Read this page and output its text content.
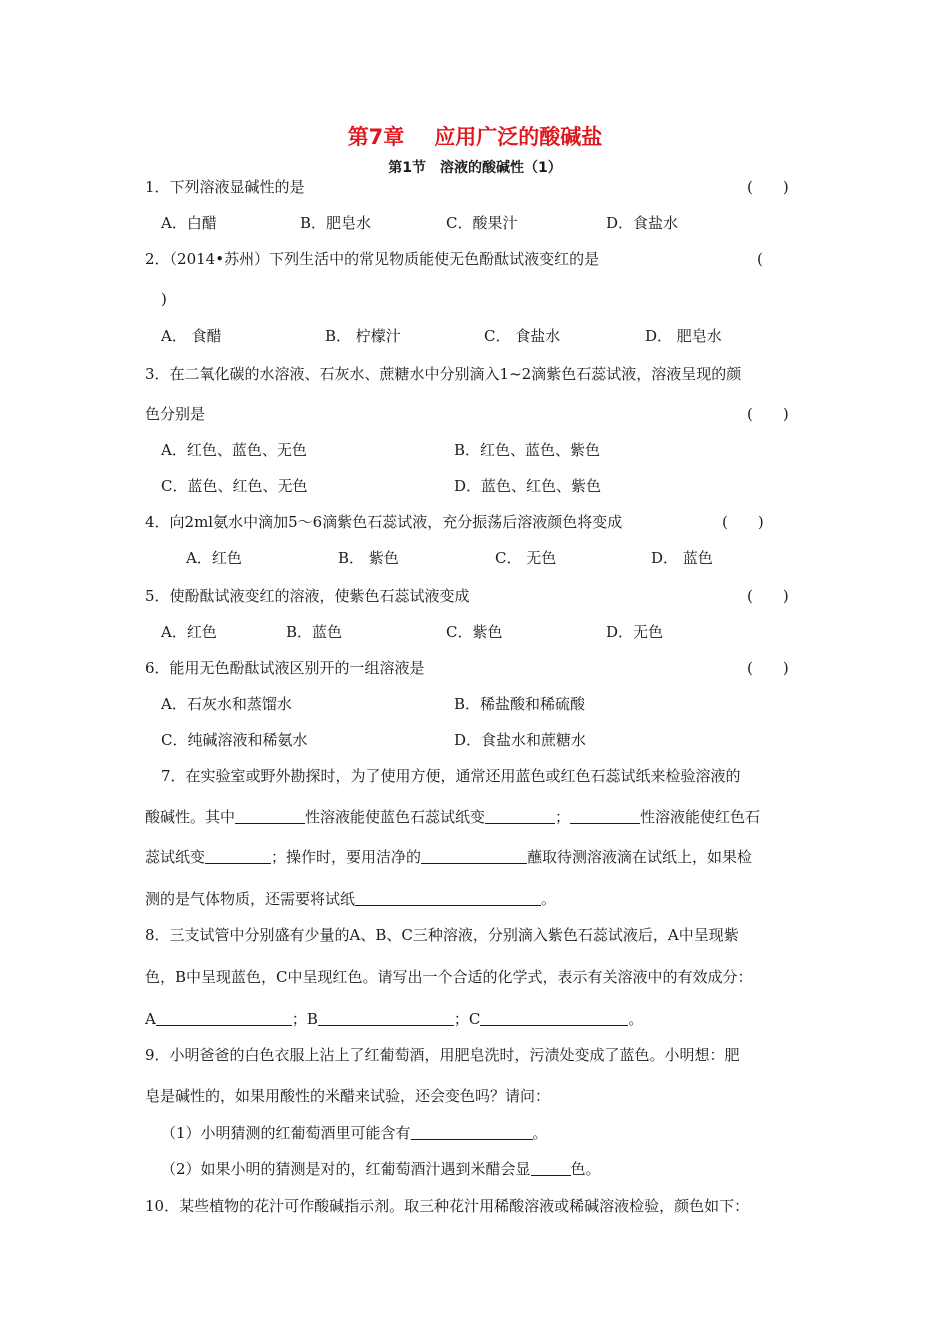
第7章 应用广泛的酸碱盐
第1节 溶液的酸碱性（1）
1．下列溶液显碱性的是	(　　)
A．白醋	B．肥皂水	C．酸果汁	D．食盐水
2．（2014•苏州）下列生活中的常见物质能使无色酚酞试液变红的是	(
)
A． 食醋	B． 柠檬汁	C． 食盐水	D． 肥皂水
3．在二氧化碳的水溶液、石灰水、蔗糖水中分别滴入1~2滴紫色石蕊试液，溶液呈现的颜
色分别是	(　　)
A．红色、蓝色、无色	B．红色、蓝色、紫色
C．蓝色、红色、无色	D．蓝色、红色、紫色
4．向2ml氨水中滴加5～6滴紫色石蕊试液，充分振荡后溶液颜色将变成	(　　)
A．红色	B． 紫色	C． 无色	D． 蓝色
5．使酚酞试液变红的溶液，使紫色石蕊试液变成	(　　)
A．红色	B．蓝色	C．紫色	D．无色
6．能用无色酚酞试液区别开的一组溶液是	(　　)
A．石灰水和蒸馏水	B．稀盐酸和稀硫酸
C．纯碱溶液和稀氨水	D．食盐水和蔗糖水
7．在实验室或野外勘探时，为了使用方便，通常还用蓝色或红色石蕊试纸来检验溶液的
酸碱性。其中	性溶液能使蓝色石蕊试纸变	；	性溶液能使红色石
蕊试纸变	；操作时，要用洁净的	蘸取待测溶液滴在试纸上，如果检
测的是气体物质，还需要将试纸	。
8．三支试管中分别盛有少量的A、B、C三种溶液，分别滴入紫色石蕊试液后，A中呈现紫
色，B中呈现蓝色，C中呈现红色。请写出一个合适的化学式，表示有关溶液中的有效成分：
A	；B	；C	。
9．小明爸爸的白色衣服上沾上了红葡萄酒，用肥皂洗时，污渍处变成了蓝色。小明想：肥
皂是碱性的，如果用酸性的米醋来试验，还会变色吗？请问：
（1）小明猜测的红葡萄酒里可能含有	。
（2）如果小明的猜测是对的，红葡萄酒汁遇到米醋会显	色。
10．某些植物的花汁可作酸碱指示剂。取三种花汁用稀酸溶液或稀碱溶液检验，颜色如下：
